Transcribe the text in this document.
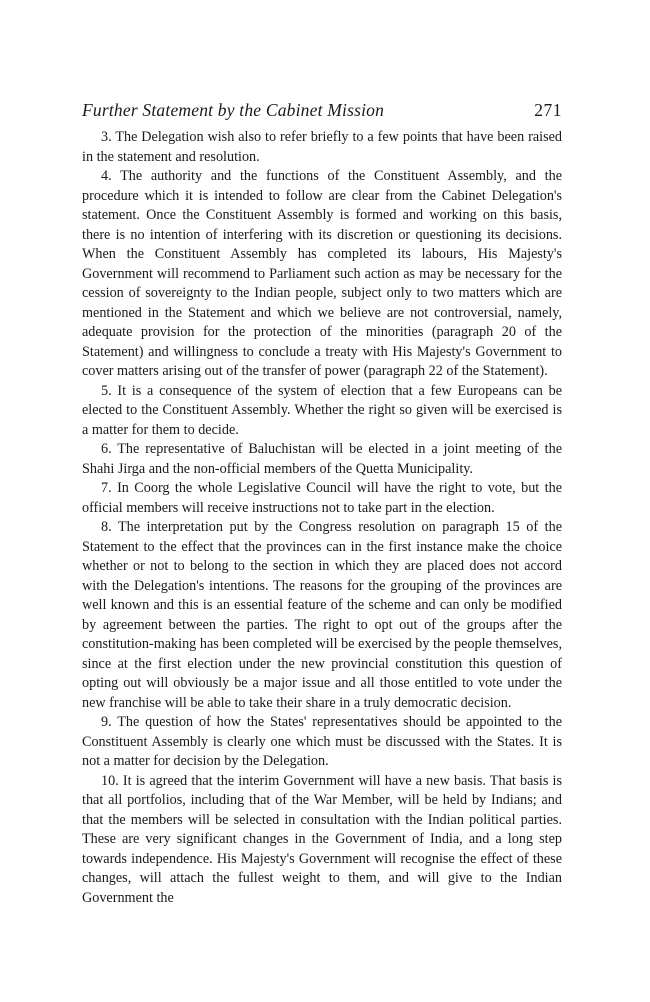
Further Statement by the Cabinet Mission	271

3. The Delegation wish also to refer briefly to a few points that have been raised in the statement and resolution.

4. The authority and the functions of the Constituent Assembly, and the procedure which it is intended to follow are clear from the Cabinet Delegation's statement. Once the Constituent Assembly is formed and working on this basis, there is no intention of interfering with its discretion or questioning its decisions. When the Constituent Assembly has completed its labours, His Majesty's Government will recommend to Parliament such action as may be necessary for the cession of sovereignty to the Indian people, subject only to two matters which are mentioned in the Statement and which we believe are not controversial, namely, adequate provision for the protection of the minorities (paragraph 20 of the Statement) and willingness to conclude a treaty with His Majesty's Government to cover matters arising out of the transfer of power (paragraph 22 of the Statement).

5. It is a consequence of the system of election that a few Europeans can be elected to the Constituent Assembly. Whether the right so given will be exercised is a matter for them to decide.

6. The representative of Baluchistan will be elected in a joint meeting of the Shahi Jirga and the non-official members of the Quetta Municipality.

7. In Coorg the whole Legislative Council will have the right to vote, but the official members will receive instructions not to take part in the election.

8. The interpretation put by the Congress resolution on paragraph 15 of the Statement to the effect that the provinces can in the first instance make the choice whether or not to belong to the section in which they are placed does not accord with the Delegation's intentions. The reasons for the grouping of the provinces are well known and this is an essential feature of the scheme and can only be modified by agreement between the parties. The right to opt out of the groups after the constitution-making has been completed will be exercised by the people themselves, since at the first election under the new provincial constitution this question of opting out will obviously be a major issue and all those entitled to vote under the new franchise will be able to take their share in a truly democratic decision.

9. The question of how the States' representatives should be appointed to the Constituent Assembly is clearly one which must be discussed with the States. It is not a matter for decision by the Delegation.

10. It is agreed that the interim Government will have a new basis. That basis is that all portfolios, including that of the War Member, will be held by Indians; and that the members will be selected in consultation with the Indian political parties. These are very significant changes in the Government of India, and a long step towards independence. His Majesty's Government will recognise the effect of these changes, will attach the fullest weight to them, and will give to the Indian Government the
